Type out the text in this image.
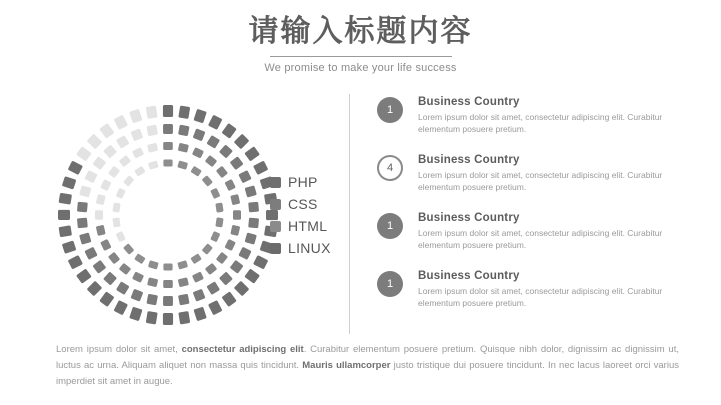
请输入标题内容

We promise to make your life success

PHP
CSS
HTML
LINUX
1

Business Country

Lorem ipsum dolor sit amet, consectetur adipiscing elit. Curabitur elementum posuere pretium.

4

Business Country

Lorem ipsum dolor sit amet, consectetur adipiscing elit. Curabitur elementum posuere pretium.

1

Business Country

Lorem ipsum dolor sit amet, consectetur adipiscing elit. Curabitur elementum posuere pretium.

1

Business Country

Lorem ipsum dolor sit amet, consectetur adipiscing elit. Curabitur elementum posuere pretium.

Lorem ipsum dolor sit amet, consectetur adipiscing elit. Curabitur elementum posuere pretium. Quisque nibh dolor, dignissim ac dignissim ut, luctus ac urna. Aliquam aliquet non massa quis tincidunt. Mauris ullamcorper justo tristique dui posuere tincidunt. In nec lacus laoreet orci varius imperdiet sit amet in augue.
